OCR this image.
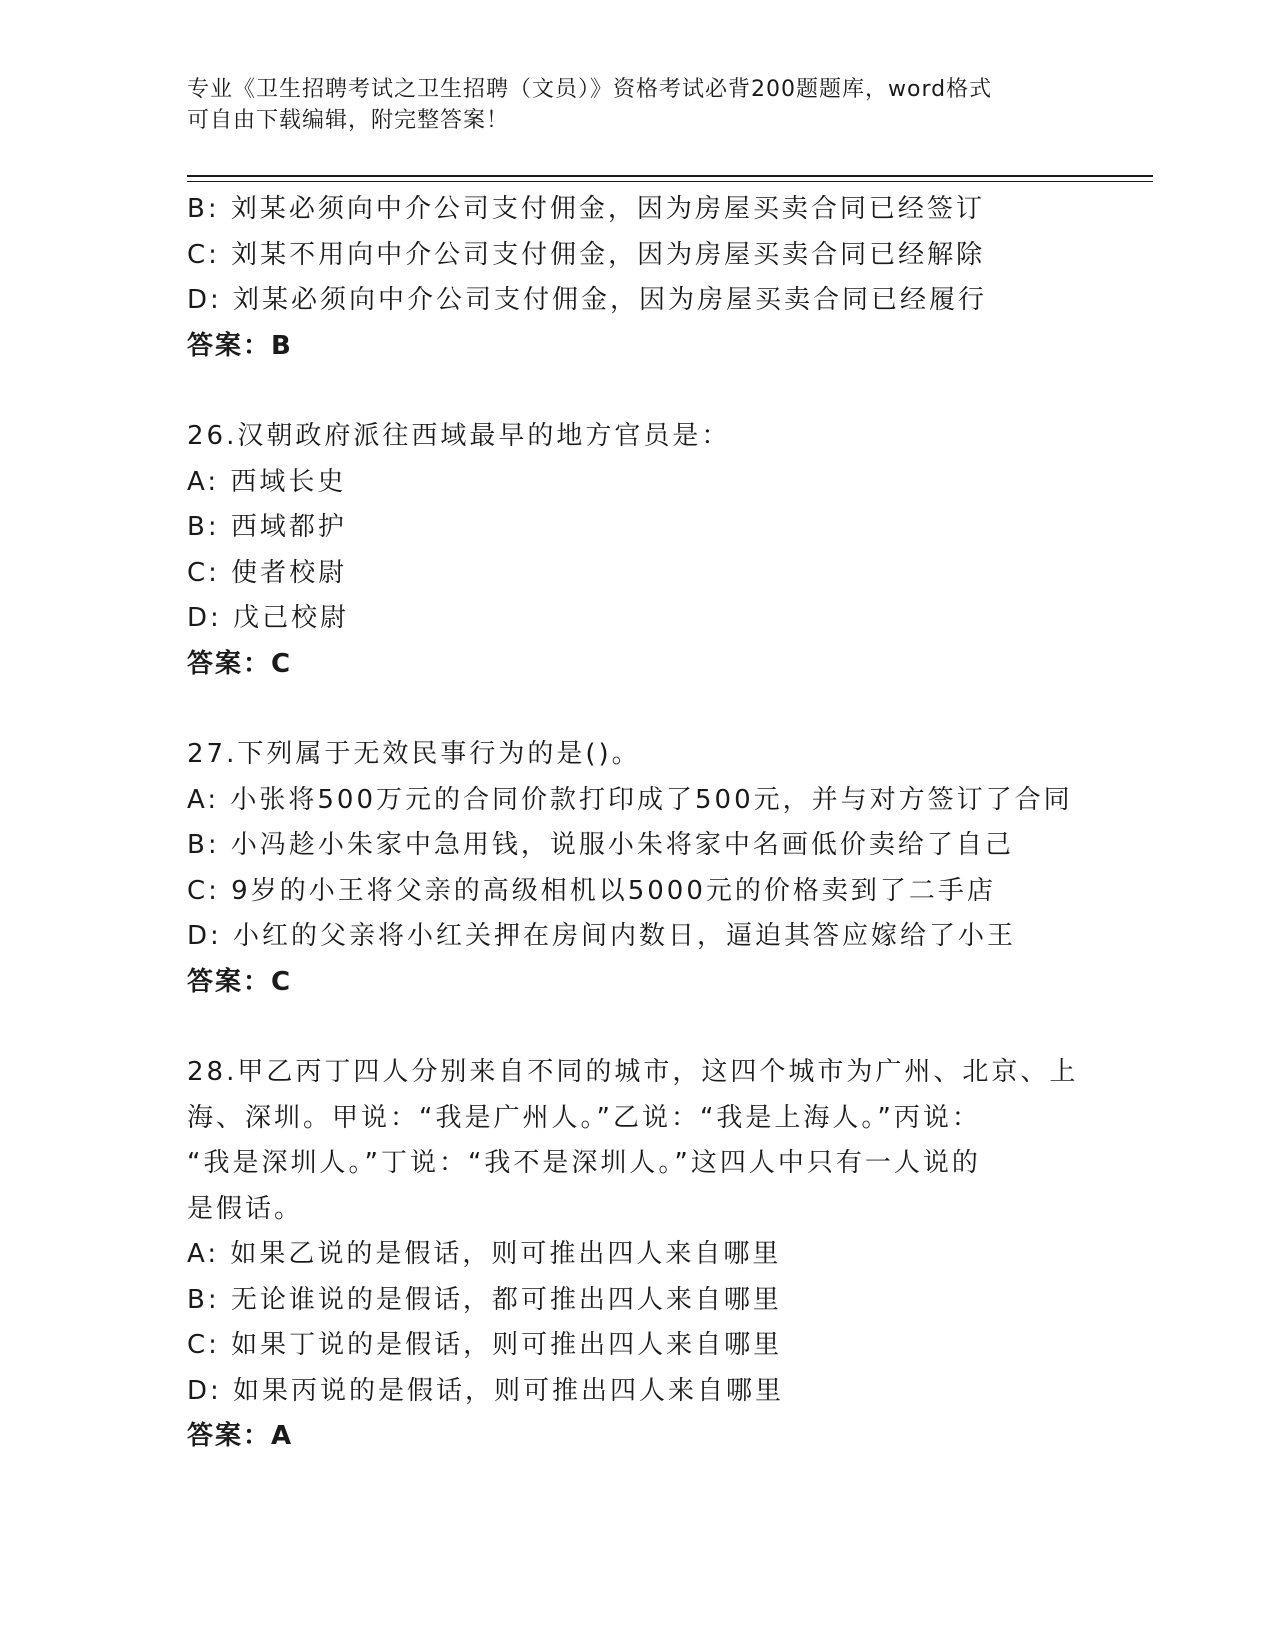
专业《卫生招聘考试之卫生招聘（文员）》资格考试必背200题题库，word格式
可自由下载编辑，附完整答案！
B: 刘某必须向中介公司支付佣金，因为房屋买卖合同已经签订
C: 刘某不用向中介公司支付佣金，因为房屋买卖合同已经解除
D: 刘某必须向中介公司支付佣金，因为房屋买卖合同已经履行
答案：B
26.汉朝政府派往西域最早的地方官员是：
A: 西域长史
B: 西域都护
C: 使者校尉
D: 戊己校尉
答案：C
27.下列属于无效民事行为的是()。
A: 小张将500万元的合同价款打印成了500元，并与对方签订了合同
B: 小冯趁小朱家中急用钱，说服小朱将家中名画低价卖给了自己
C: 9岁的小王将父亲的高级相机以5000元的价格卖到了二手店
D: 小红的父亲将小红关押在房间内数日，逼迫其答应嫁给了小王
答案：C
28.甲乙丙丁四人分别来自不同的城市，这四个城市为广州、北京、上
海、深圳。甲说：“我是广州人。”乙说：“我是上海人。”丙说：
“我是深圳人。”丁说：“我不是深圳人。”这四人中只有一人说的
是假话。
A: 如果乙说的是假话，则可推出四人来自哪里
B: 无论谁说的是假话，都可推出四人来自哪里
C: 如果丁说的是假话，则可推出四人来自哪里
D: 如果丙说的是假话，则可推出四人来自哪里
答案：A
